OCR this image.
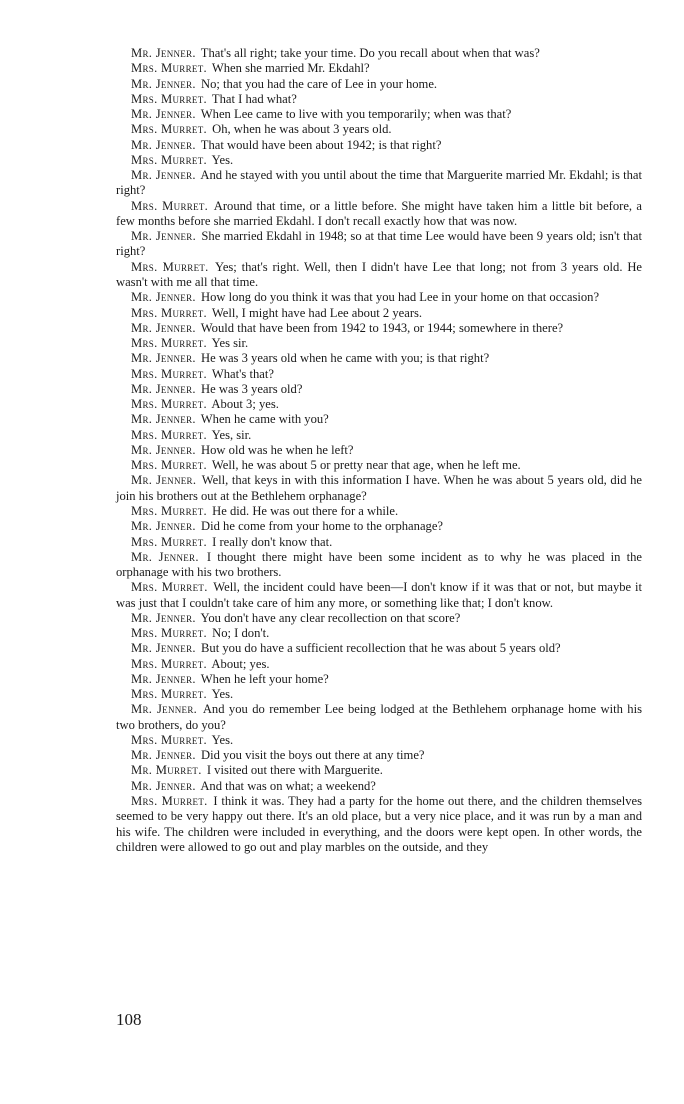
Mr. Jenner. That's all right; take your time. Do you recall about when that was?

Mrs. Murret. When she married Mr. Ekdahl?

Mr. Jenner. No; that you had the care of Lee in your home.

Mrs. Murret. That I had what?

Mr. Jenner. When Lee came to live with you temporarily; when was that?

Mrs. Murret. Oh, when he was about 3 years old.

Mr. Jenner. That would have been about 1942; is that right?

Mrs. Murret. Yes.

Mr. Jenner. And he stayed with you until about the time that Marguerite married Mr. Ekdahl; is that right?

Mrs. Murret. Around that time, or a little before. She might have taken him a little bit before, a few months before she married Ekdahl. I don't recall exactly how that was now.

Mr. Jenner. She married Ekdahl in 1948; so at that time Lee would have been 9 years old; isn't that right?

Mrs. Murret. Yes; that's right. Well, then I didn't have Lee that long; not from 3 years old. He wasn't with me all that time.

Mr. Jenner. How long do you think it was that you had Lee in your home on that occasion?

Mrs. Murret. Well, I might have had Lee about 2 years.

Mr. Jenner. Would that have been from 1942 to 1943, or 1944; somewhere in there?

Mrs. Murret. Yes sir.

Mr. Jenner. He was 3 years old when he came with you; is that right?

Mrs. Murret. What's that?

Mr. Jenner. He was 3 years old?

Mrs. Murret. About 3; yes.

Mr. Jenner. When he came with you?

Mrs. Murret. Yes, sir.

Mr. Jenner. How old was he when he left?

Mrs. Murret. Well, he was about 5 or pretty near that age, when he left me.

Mr. Jenner. Well, that keys in with this information I have. When he was about 5 years old, did he join his brothers out at the Bethlehem orphanage?

Mrs. Murret. He did. He was out there for a while.

Mr. Jenner. Did he come from your home to the orphanage?

Mrs. Murret. I really don't know that.

Mr. Jenner. I thought there might have been some incident as to why he was placed in the orphanage with his two brothers.

Mrs. Murret. Well, the incident could have been—I don't know if it was that or not, but maybe it was just that I couldn't take care of him any more, or something like that; I don't know.

Mr. Jenner. You don't have any clear recollection on that score?

Mrs. Murret. No; I don't.

Mr. Jenner. But you do have a sufficient recollection that he was about 5 years old?

Mrs. Murret. About; yes.

Mr. Jenner. When he left your home?

Mrs. Murret. Yes.

Mr. Jenner. And you do remember Lee being lodged at the Bethlehem orphanage home with his two brothers, do you?

Mrs. Murret. Yes.

Mr. Jenner. Did you visit the boys out there at any time?

Mr. Murret. I visited out there with Marguerite.

Mr. Jenner. And that was on what; a weekend?

Mrs. Murret. I think it was. They had a party for the home out there, and the children themselves seemed to be very happy out there. It's an old place, but a very nice place, and it was run by a man and his wife. The children were included in everything, and the doors were kept open. In other words, the children were allowed to go out and play marbles on the outside, and they

108
